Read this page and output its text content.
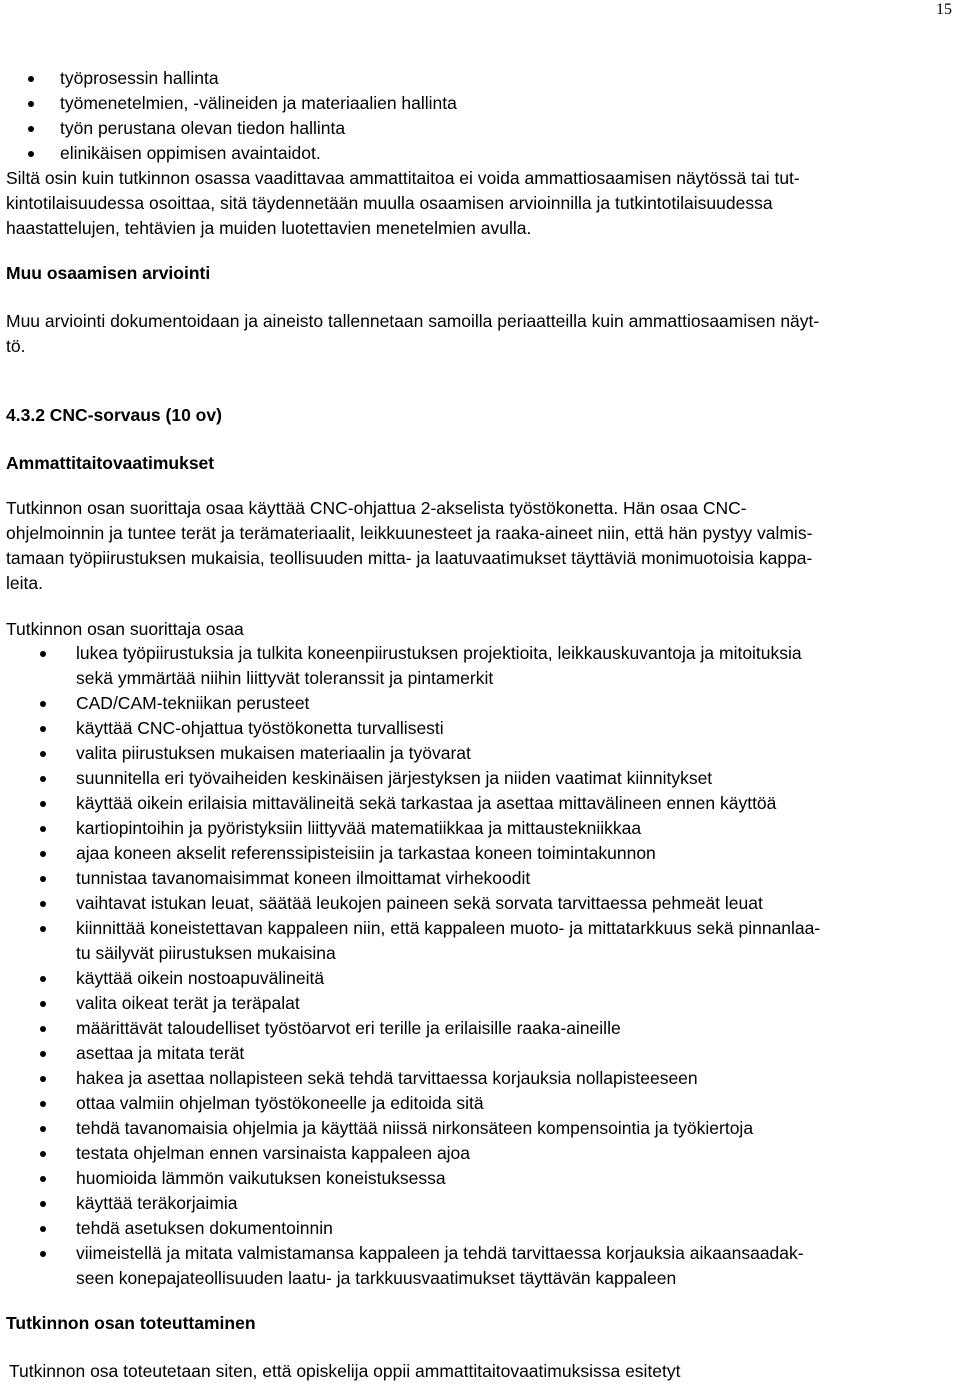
15
työprosessin hallinta
työmenetelmien, -välineiden ja materiaalien hallinta
työn perustana olevan tiedon hallinta
elinikäisen oppimisen avaintaidot.
Siltä osin kuin tutkinnon osassa vaadittavaa ammattitaitoa ei voida ammattiosaamisen näytössä tai tut-
kintotilaisuudessa osoittaa, sitä täydennetään muulla osaamisen arvioinnilla ja tutkintotilaisuudessa
haastattelujen, tehtävien ja muiden luotettavien menetelmien avulla.
Muu osaamisen arviointi
Muu arviointi dokumentoidaan ja aineisto tallennetaan samoilla periaatteilla kuin ammattiosaamisen näyt-
tö.
4.3.2 CNC-sorvaus (10 ov)
Ammattitaitovaatimukset
Tutkinnon osan suorittaja osaa käyttää CNC-ohjattua 2-akselista työstökonetta. Hän osaa CNC-
ohjelmoinnin ja tuntee terät ja terämateriaalit, leikkuunesteet ja raaka-aineet niin, että hän pystyy valmis-
tamaan työpiirustuksen mukaisia, teollisuuden mitta- ja laatuvaatimukset täyttäviä monimuotoisia kappa-
leita.
Tutkinnon osan suorittaja osaa
lukea työpiirustuksia ja tulkita koneenpiirustuksen projektioita, leikkauskuvantoja ja mitoituksia
sekä ymmärtää niihin liittyvät toleranssit ja pintamerkit
CAD/CAM-tekniikan perusteet
käyttää CNC-ohjattua työstökonetta turvallisesti
valita piirustuksen mukaisen materiaalin ja työvarat
suunnitella eri työvaiheiden keskinäisen järjestyksen ja niiden vaatimat kiinnitykset
käyttää oikein erilaisia mittavälineitä sekä tarkastaa ja asettaa mittavälineen ennen käyttöä
kartiopintoihin ja pyöristyksiin liittyvää matematiikkaa ja mittaustekniikkaa
ajaa koneen akselit referenssipisteisiin ja tarkastaa koneen toimintakunnon
tunnistaa tavanomaisimmat koneen ilmoittamat virhekoodit
vaihtavat istukan leuat, säätää leukojen paineen sekä sorvata tarvittaessa pehmeät leuat
kiinnittää koneistettavan kappaleen niin, että kappaleen muoto- ja mittatarkkuus sekä pinnanlaa-
tu säilyvät piirustuksen mukaisina
käyttää oikein nostoapuvälineitä
valita oikeat terät ja teräpalat
määrittävät taloudelliset työstöarvot eri terille ja erilaisille raaka-aineille
asettaa ja mitata terät
hakea ja asettaa nollapisteen sekä tehdä tarvittaessa korjauksia nollapisteeseen
ottaa valmiin ohjelman työstökoneelle ja editoida sitä
tehdä tavanomaisia ohjelmia ja käyttää niissä nirkonsäteen kompensointia ja työkiertoja
testata ohjelman ennen varsinaista kappaleen ajoa
huomioida lämmön vaikutuksen koneistuksessa
käyttää teräkorjaimia
tehdä asetuksen dokumentoinnin
viimeistellä ja mitata valmistamansa kappaleen ja tehdä tarvittaessa korjauksia aikaansaadak-
seen konepajateollisuuden laatu- ja tarkkuusvaatimukset täyttävän kappaleen
Tutkinnon osan toteuttaminen
Tutkinnon osa toteutetaan siten, että opiskelija oppii ammattitaitovaatimuksissa esitetyt
